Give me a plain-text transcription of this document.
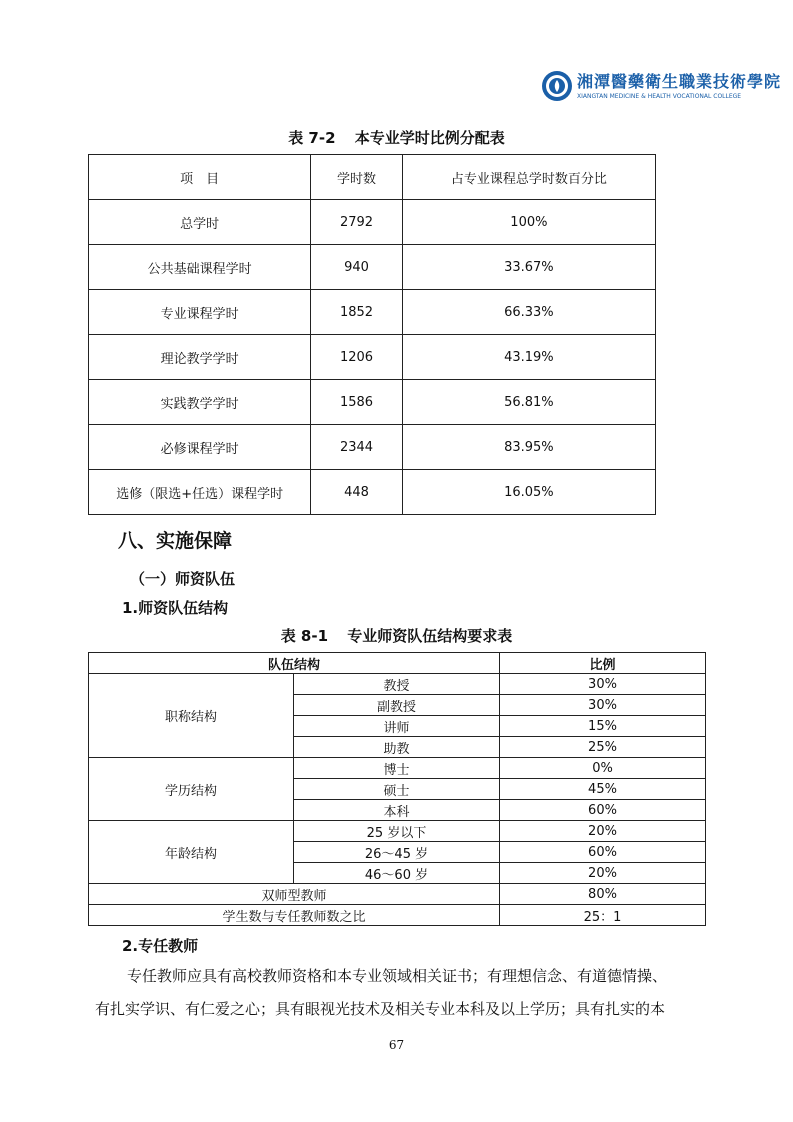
湘潭醫藥衛生職業技術學院
XIANGTAN MEDICINE & HEALTH VOCATIONAL COLLEGE
表 7-2 本专业学时比例分配表
项　目	学时数	占专业课程总学时数百分比
总学时	2792	100%
公共基础课程学时	940	33.67%
专业课程学时	1852	66.33%
理论教学学时	1206	43.19%
实践教学学时	1586	56.81%
必修课程学时	2344	83.95%
选修（限选+任选）课程学时	448	16.05%
八、实施保障
（一）师资队伍
1.师资队伍结构
表 8-1 专业师资队伍结构要求表
队伍结构		比例
职称结构	教授	30%
	副教授	30%
	讲师	15%
	助教	25%
学历结构	博士	0%
	硕士	45%
	本科	60%
年龄结构	25 岁以下	20%
	26～45 岁	60%
	46～60 岁	20%
双师型教师		80%
学生数与专任教师数之比		25：1
2.专任教师
专任教师应具有高校教师资格和本专业领域相关证书；有理想信念、有道德情操、
有扎实学识、有仁爱之心；具有眼视光技术及相关专业本科及以上学历；具有扎实的本
67
